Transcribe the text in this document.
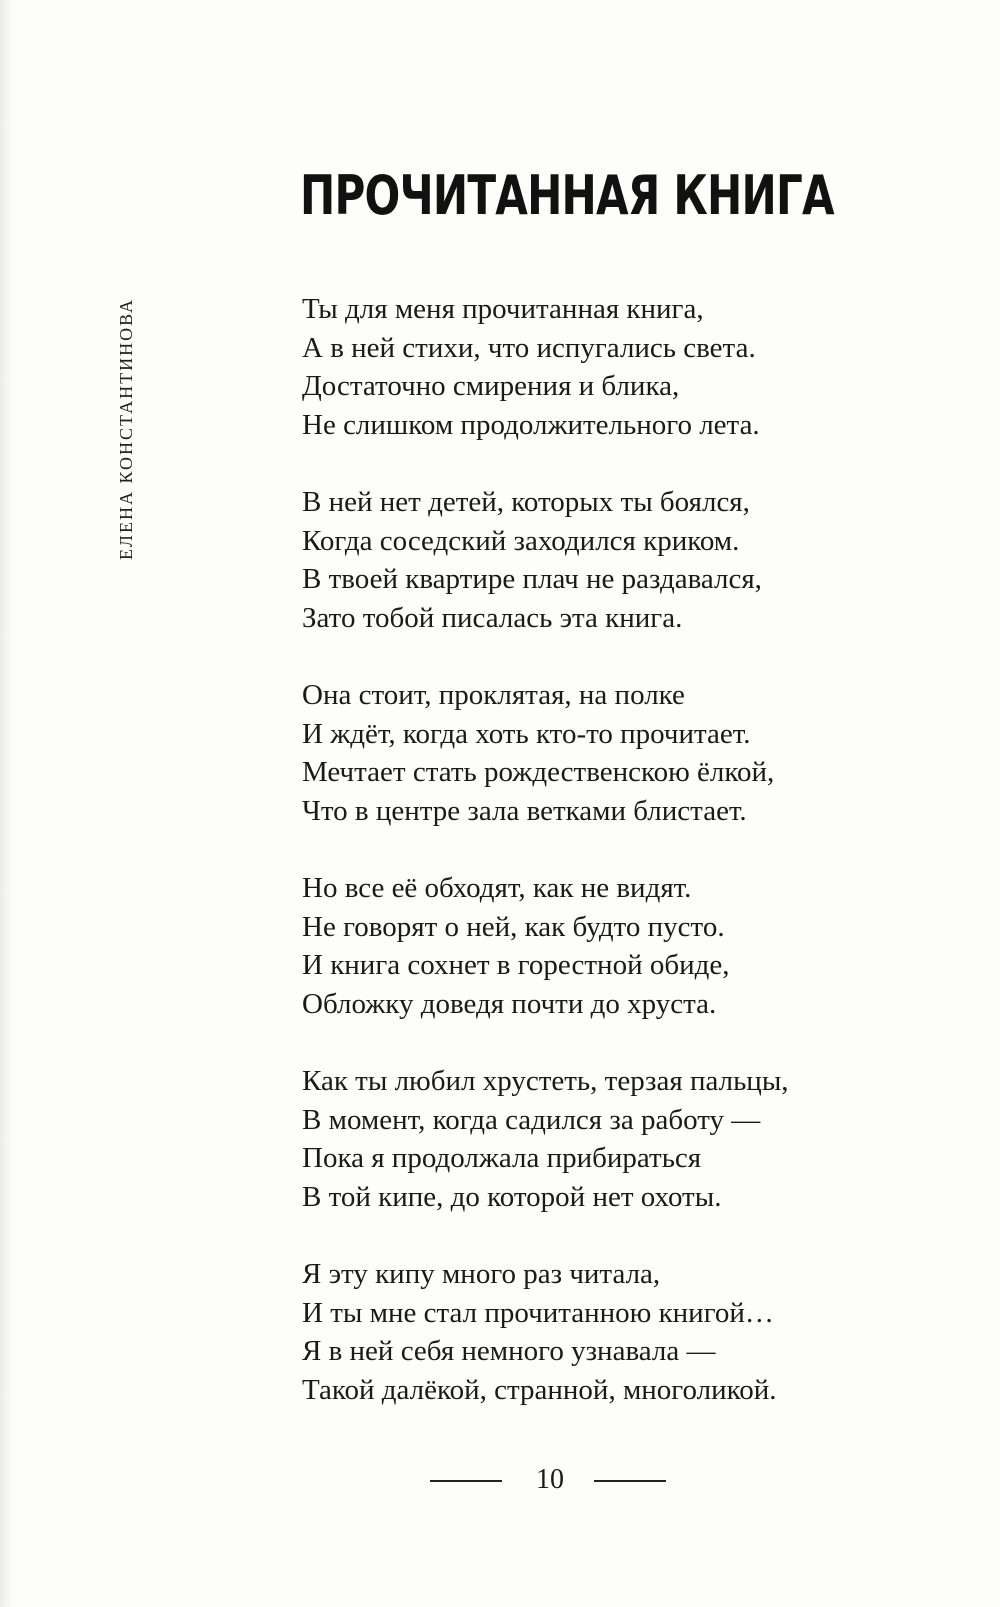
ЕЛЕНА КОНСТАНТИНОВА
ПРОЧИТАННАЯ КНИГА
Ты для меня прочитанная книга,
А в ней стихи, что испугались света.
Достаточно смирения и блика,
Не слишком продолжительного лета.
В ней нет детей, которых ты боялся,
Когда соседский заходился криком.
В твоей квартире плач не раздавался,
Зато тобой писалась эта книга.
Она стоит, проклятая, на полке
И ждёт, когда хоть кто-то прочитает.
Мечтает стать рождественскою ёлкой,
Что в центре зала ветками блистает.
Но все её обходят, как не видят.
Не говорят о ней, как будто пусто.
И книга сохнет в горестной обиде,
Обложку доведя почти до хруста.
Как ты любил хрустеть, терзая пальцы,
В момент, когда садился за работу —
Пока я продолжала прибираться
В той кипе, до которой нет охоты.
Я эту кипу много раз читала,
И ты мне стал прочитанною книгой…
Я в ней себя немного узнавала —
Такой далёкой, странной, многоликой.
10
